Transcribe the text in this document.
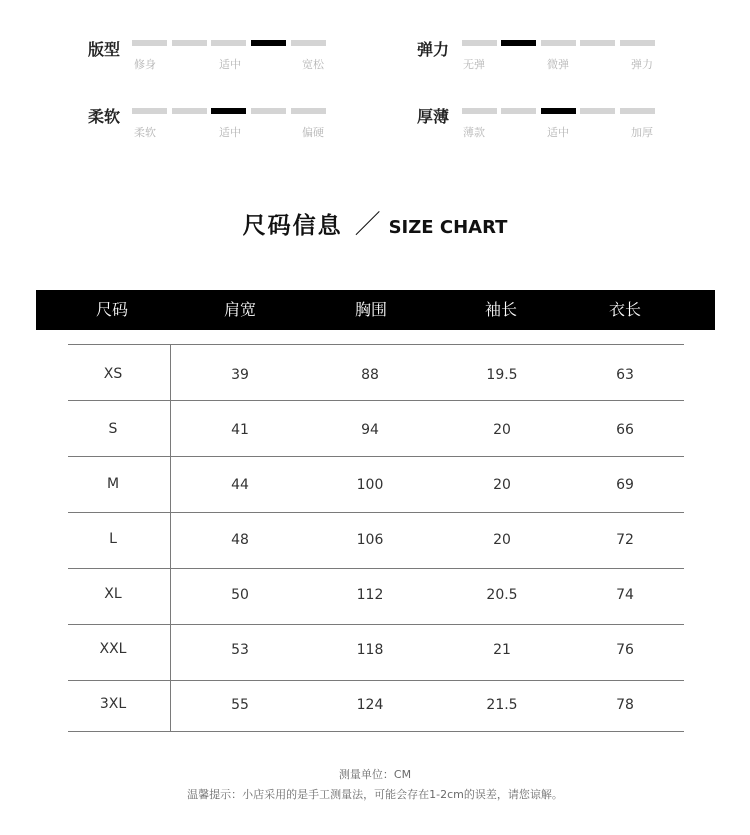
版型
修身	适中	宽松
弹力
无弹	微弹	弹力
柔软
柔软	适中	偏硬
厚薄
薄款	适中	加厚
尺码信息 ／ SIZE CHART
尺码	肩宽	胸围	袖长	衣长
XS	39	88	19.5	63
S	41	94	20	66
M	44	100	20	69
L	48	106	20	72
XL	50	112	20.5	74
XXL	53	118	21	76
3XL	55	124	21.5	78
测量单位：CM
温馨提示：小店采用的是手工测量法，可能会存在1-2cm的误差，请您谅解。
